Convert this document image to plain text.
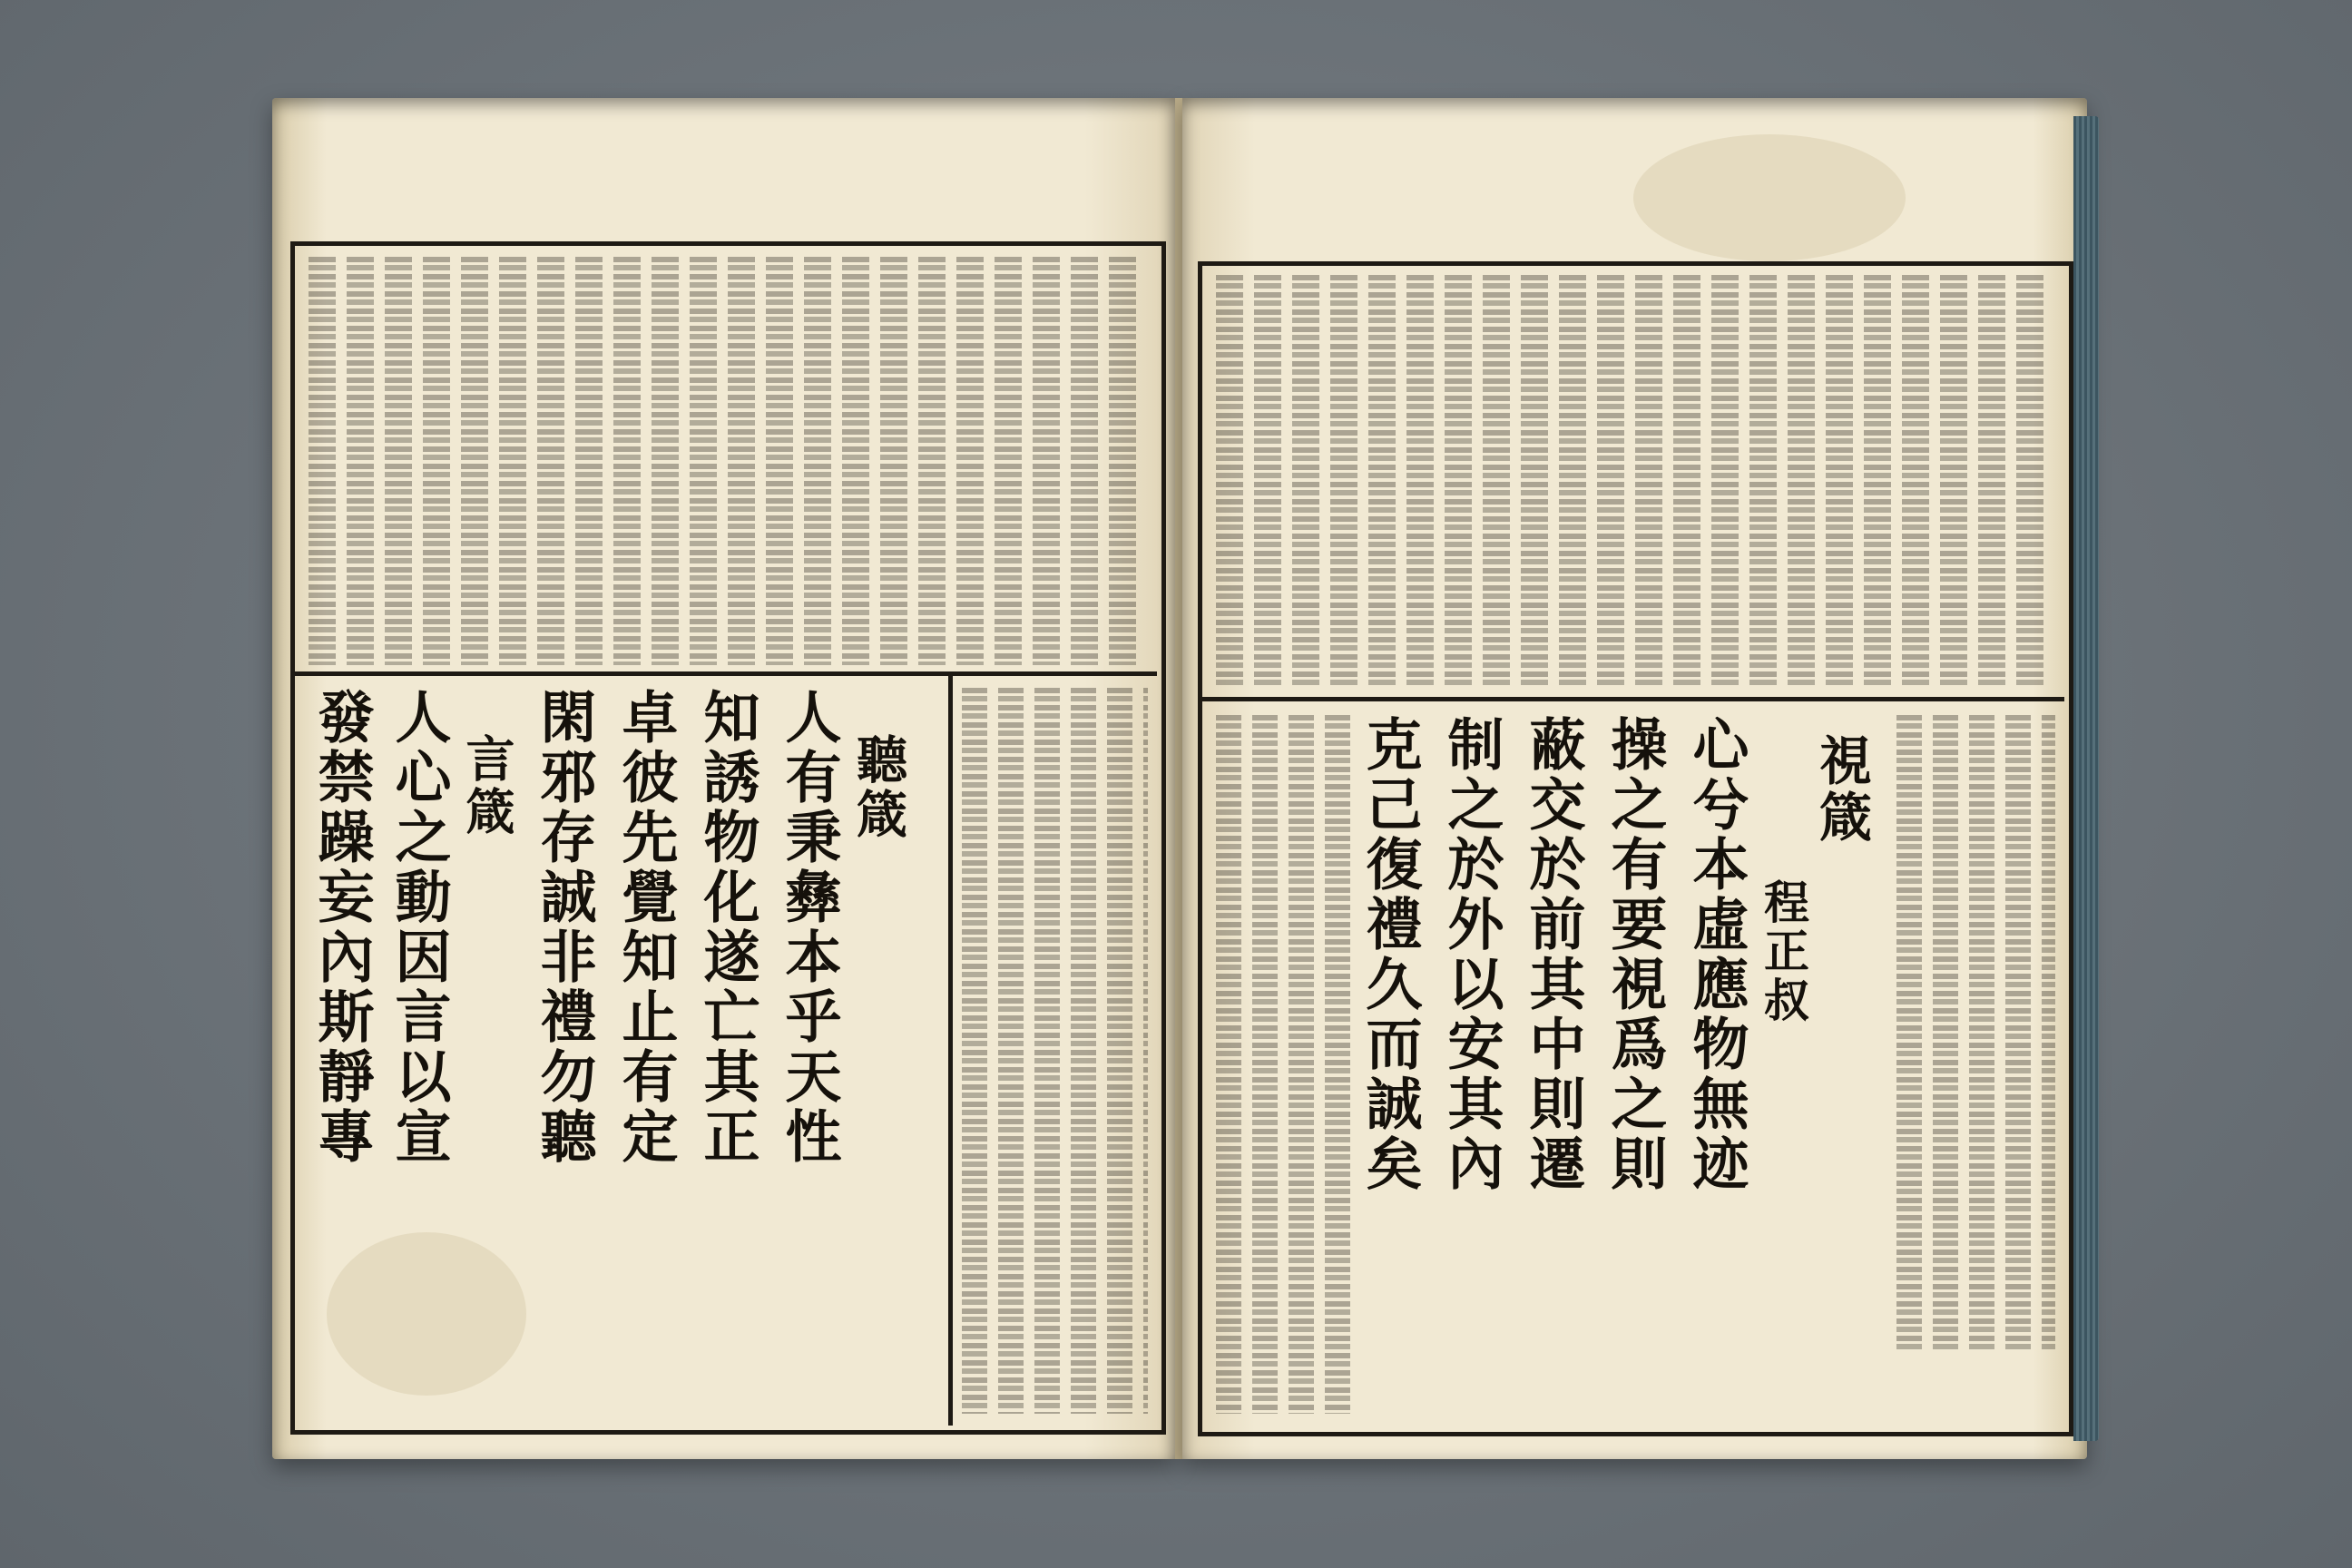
聽箴
人有秉彝本乎天性
知誘物化遂亡其正
卓彼先覺知止有定
閑邪存誠非禮勿聽
言箴
人心之動因言以宣
發禁躁妄內斯靜專	視箴
程正叔
心兮本虛應物無迹
操之有要視爲之則
蔽交於前其中則遷
制之於外以安其內
克己復禮久而誠矣
